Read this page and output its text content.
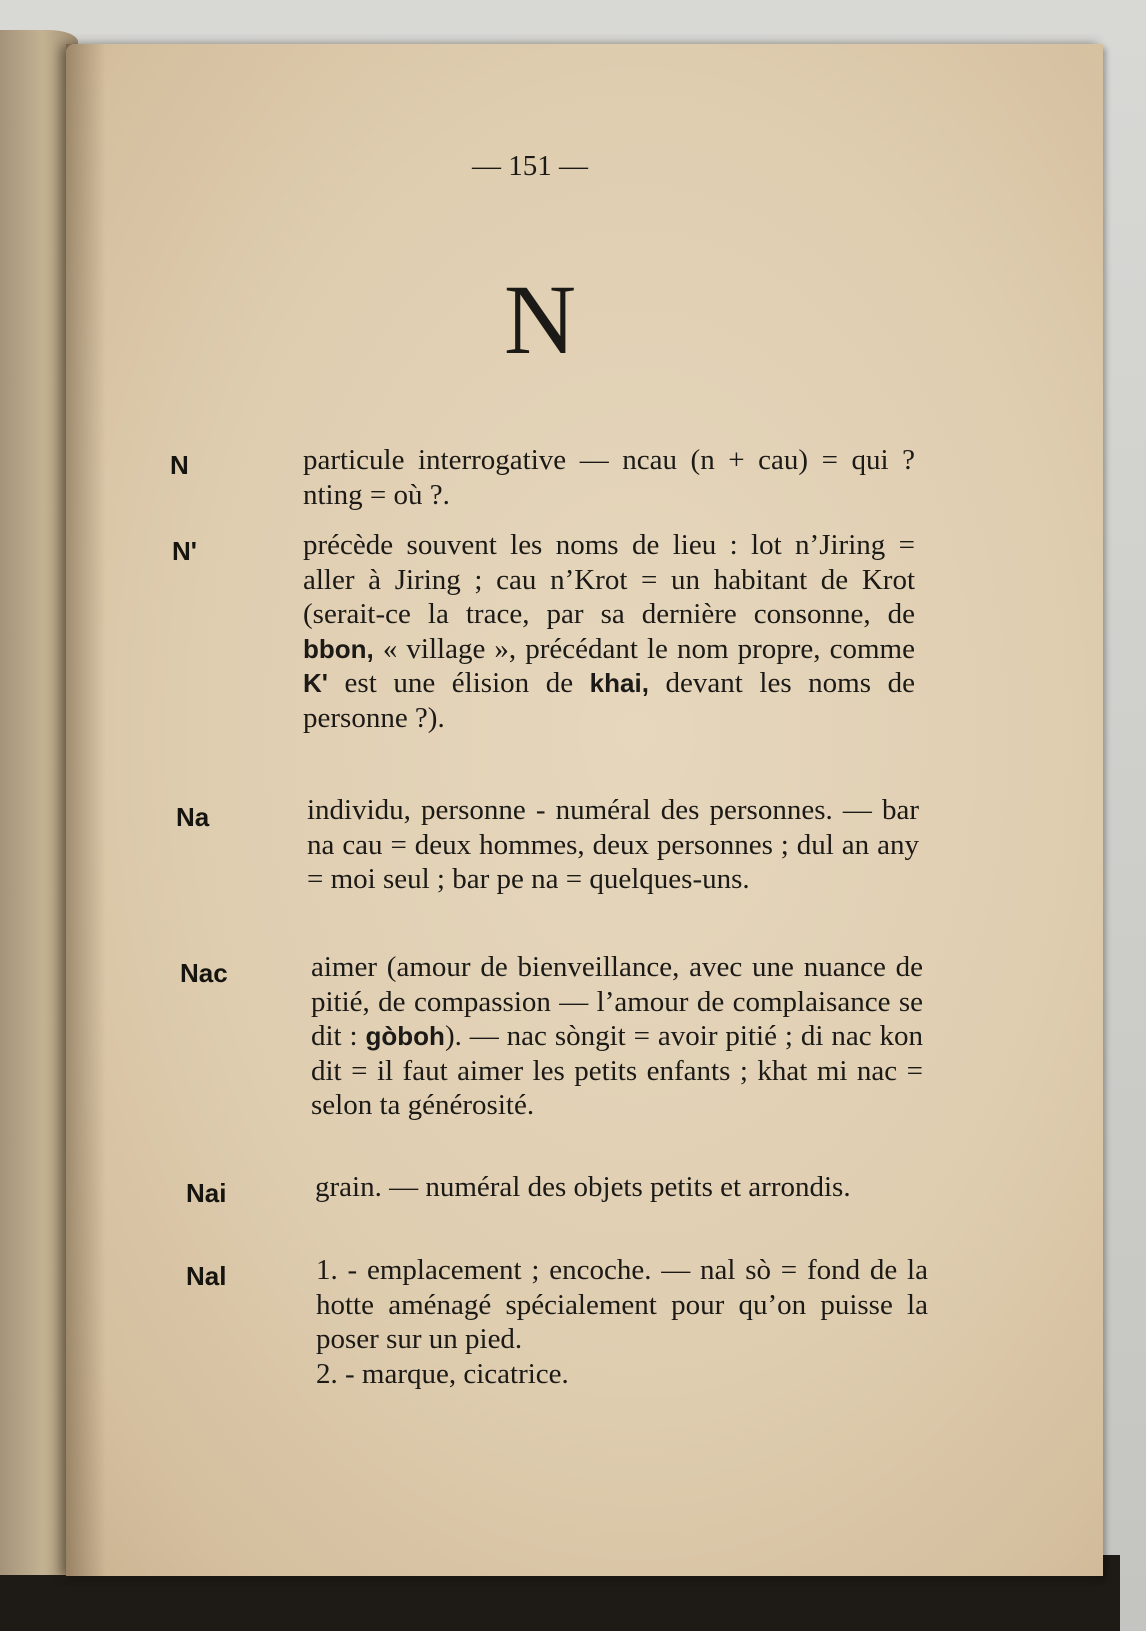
— 151 —
N
N	particule interrogative — ncau (n + cau) = qui ? nting = où ?.
N'	précède souvent les noms de lieu : lot n’Jiring = aller à Jiring ; cau n’Krot = un habitant de Krot (serait-ce la trace, par sa dernière consonne, de bbon, « village », précédant le nom propre, comme K' est une élision de khai, devant les noms de personne ?).
Na	individu, personne - numéral des personnes. — bar na cau = deux hommes, deux personnes ; dul an any = moi seul ; bar pe na = quelques-uns.
Nac	aimer (amour de bienveillance, avec une nuance de pitié, de compassion — l’amour de complaisance se dit : gòboh). — nac sòngit = avoir pitié ; di nac kon dit = il faut aimer les petits enfants ; khat mi nac = selon ta générosité.
Nai	grain. — numéral des objets petits et arrondis.
Nal	1. - emplacement ; encoche. — nal sò = fond de la hotte aménagé spécialement pour qu’on puisse la poser sur un pied.
2. - marque, cicatrice.
